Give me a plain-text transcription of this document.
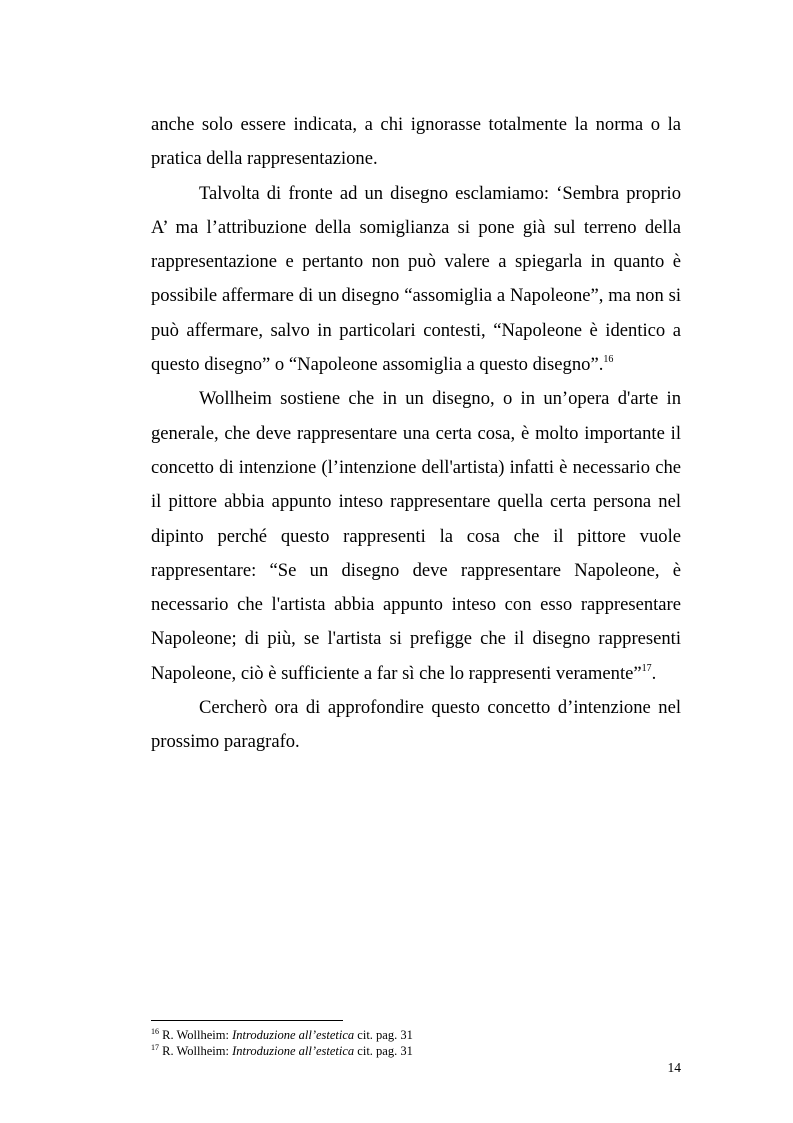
anche solo essere indicata, a chi ignorasse totalmente la norma o la pratica della rappresentazione.

Talvolta di fronte ad un disegno esclamiamo: ‘Sembra proprio A’ ma l’attribuzione della somiglianza si pone già sul terreno della rappresentazione e pertanto non può valere a spiegarla in quanto è possibile affermare di un disegno “assomiglia a Napoleone”, ma non si può affermare, salvo in particolari contesti, “Napoleone è identico a questo disegno” o “Napoleone assomiglia a questo disegno”.$^{16}$

Wollheim sostiene che in un disegno, o in un’opera d'arte in generale, che deve rappresentare una certa cosa, è molto importante il concetto di intenzione (l’intenzione dell'artista) infatti è necessario che il pittore abbia appunto inteso rappresentare quella certa persona nel dipinto perché questo rappresenti la cosa che il pittore vuole rappresentare: “Se un disegno deve rappresentare Napoleone, è necessario che l'artista abbia appunto inteso con esso rappresentare Napoleone; di più, se l'artista si prefigge che il disegno rappresenti Napoleone, ciò è sufficiente a far sì che lo rappresenti veramente”$^{17}$.

Cercherò ora di approfondire questo concetto d’intenzione nel prossimo paragrafo.

$^{16}$ R. Wollheim: Introduzione all’estetica cit. pag. 31
$^{17}$ R. Wollheim: Introduzione all’estetica cit. pag. 31
14
